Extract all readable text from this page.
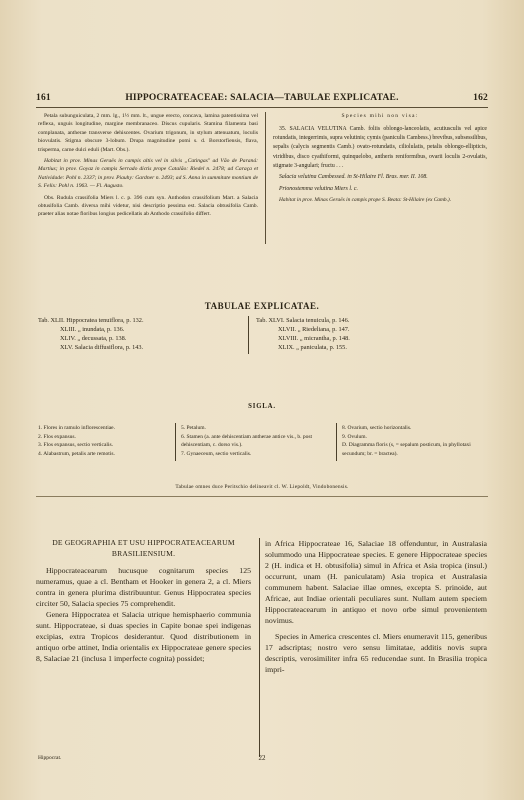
161	HIPPOCRATEACEAE: SALACIA—TABULAE EXPLICATAE.	162

Petala subunguiculata, 2 mm. lg., 1½ mm. lt., ungue erecto, concava, lamina patentissima vel reflexa, unguis longitudine, margine membranaceo. Discus cupularis. Stamina filamenta basi complanata, antherae transverse dehiscentes. Ovarium trigonum, in stylum attenuatum, loculis biovulatis. Stigma obscure 3-lobum. Drupa magnitudine pomi s. d. Borstorfiensis, flava, trisperma, carne dulci eduli (Mart. Obs.).

Habitat in prov. Minas Geraës in campis altis vel in silvis „Catingas" ad Vão de Paraná: Martius; in prov. Goyaz in campis Serrado dictis prope Catalão: Riedel n. 2478; ad Caraça et Natividade: Pohl n. 2337; in prov. Piauhy: Gardner n. 2493; ad S. Anna in summitate montium de S. Felix: Pohl n. 1963. — Fl. Augusto.

Obs. Rudula crassifolia Miers l. c. p. 396 cum syn. Anthodon crassifolium Mart. a Salacia obtusifolia Camb. diversa mihi videtur, nisi descriptio pessima est. Salacia obtusifolia Camb. praeter alias notae floribus longius pedicellatis ab Anthodo crassifolio differt.

Species mihi non visa:

35. SALACIA VELUTINA Camb. foliis oblongo-lanceolatis, acutiusculis vel apice rotundatis, integerrimis, supra velutinis; cymis (paniculis Cambess.) brevibus, subsessilibus, sepalis (calycis segmentis Camb.) ovato-rotundatis, ciliolulatis, petalis oblongo-ellipticis, viridibus, disco cyathiformi, quinquelobo, antheris reniformibus, ovarii loculis 2-ovulatis, stigmate 3-angulari; fructu . . .

Salacia velutina Cambessed. in St-Hilaire Fl. Bras. mer. II. 108.

Prionostemma velutina Miers l. c.

Habitat in prov. Minas Geraës in campis prope S. Beata: St-Hilaire (ex Camb.).

TABULAE EXPLICATAE.
Tab. XLII. Hippocratea tenuiflora, p. 132.
XLIII. „ inundata, p. 136.
XLIV. „ decussata, p. 138.
XLV. Salacia diffusiflora, p. 143.
Tab. XLVI. Salacia tenuicula, p. 146.
XLVII. „ Riedeliana, p. 147.
XLVIII. „ micrantha, p. 148.
XLIX. „ paniculata, p. 155.
SIGLA.
1. Flores in ramulo inflorescentiae.
2. Flos expansus.
3. Flos expansus, sectio verticalis.
4. Alabastrum, petalis arte remotis.
5. Petalum.
6. Stamen (a. ante dehiscentiam antherae antice vis., b. post dehiscentiam, c. dorso vis.).
7. Gynaeceum, sectio verticalis.
8. Ovarium, sectio horizontalis.
9. Ovulum.
D. Diagramma floris (s, = sepalum posticum, in phyllotaxi secundum; br. = bractea).
Tabulae omnes duce Peritschio delineavit cl. W. Liepoldt, Vindobonensis.

DE GEOGRAPHIA ET USU HIPPOCRATEACEARUM BRASILIENSIUM.

Hippocrateacearum hucusque cognitarum species 125 numeramus, quae a cl. Bentham et Hooker in genera 2, a cl. Miers contra in genera plurima distribuuntur. Genus Hippocratea species circiter 50, Salacia species 75 comprehendit.

Genera Hippocratea et Salacia utrique hemisphaerio communia sunt. Hippocrateae, si duas species in Capite bonae spei indigenas excipias, extra Tropicos desiderantur. Quod distributionem in antiquo orbe attinet, India orientalis ex Hippocrateae genere species 8, Salaciae 21 (inclusa 1 imperfecte cognita) possidet;

in Africa Hippocrateae 16, Salaciae 18 offenduntur, in Australasia solummodo una Hippocrateae species. E genere Hippocrateae species 2 (H. indica et H. obtusifolia) simul in Africa et Asia tropica (insul.) occurrunt, unam (H. paniculatam) Asia tropica et Australasia communem habent. Salaciae illae omnes, excepta S. prinoide, aut Africae, aut Indiae orientali peculiares sunt. Nullam autem speciem Hippocrateacearum in antiquo et novo orbe simul provenientem novimus.

Species in America crescentes cl. Miers enumeravit 115, generibus 17 adscriptas; nostro vero sensu limitatae, additis novis supra descriptis, verosimiliter infra 65 reducendae sunt. In Brasilia tropica impri-

Hippocrat.	22
